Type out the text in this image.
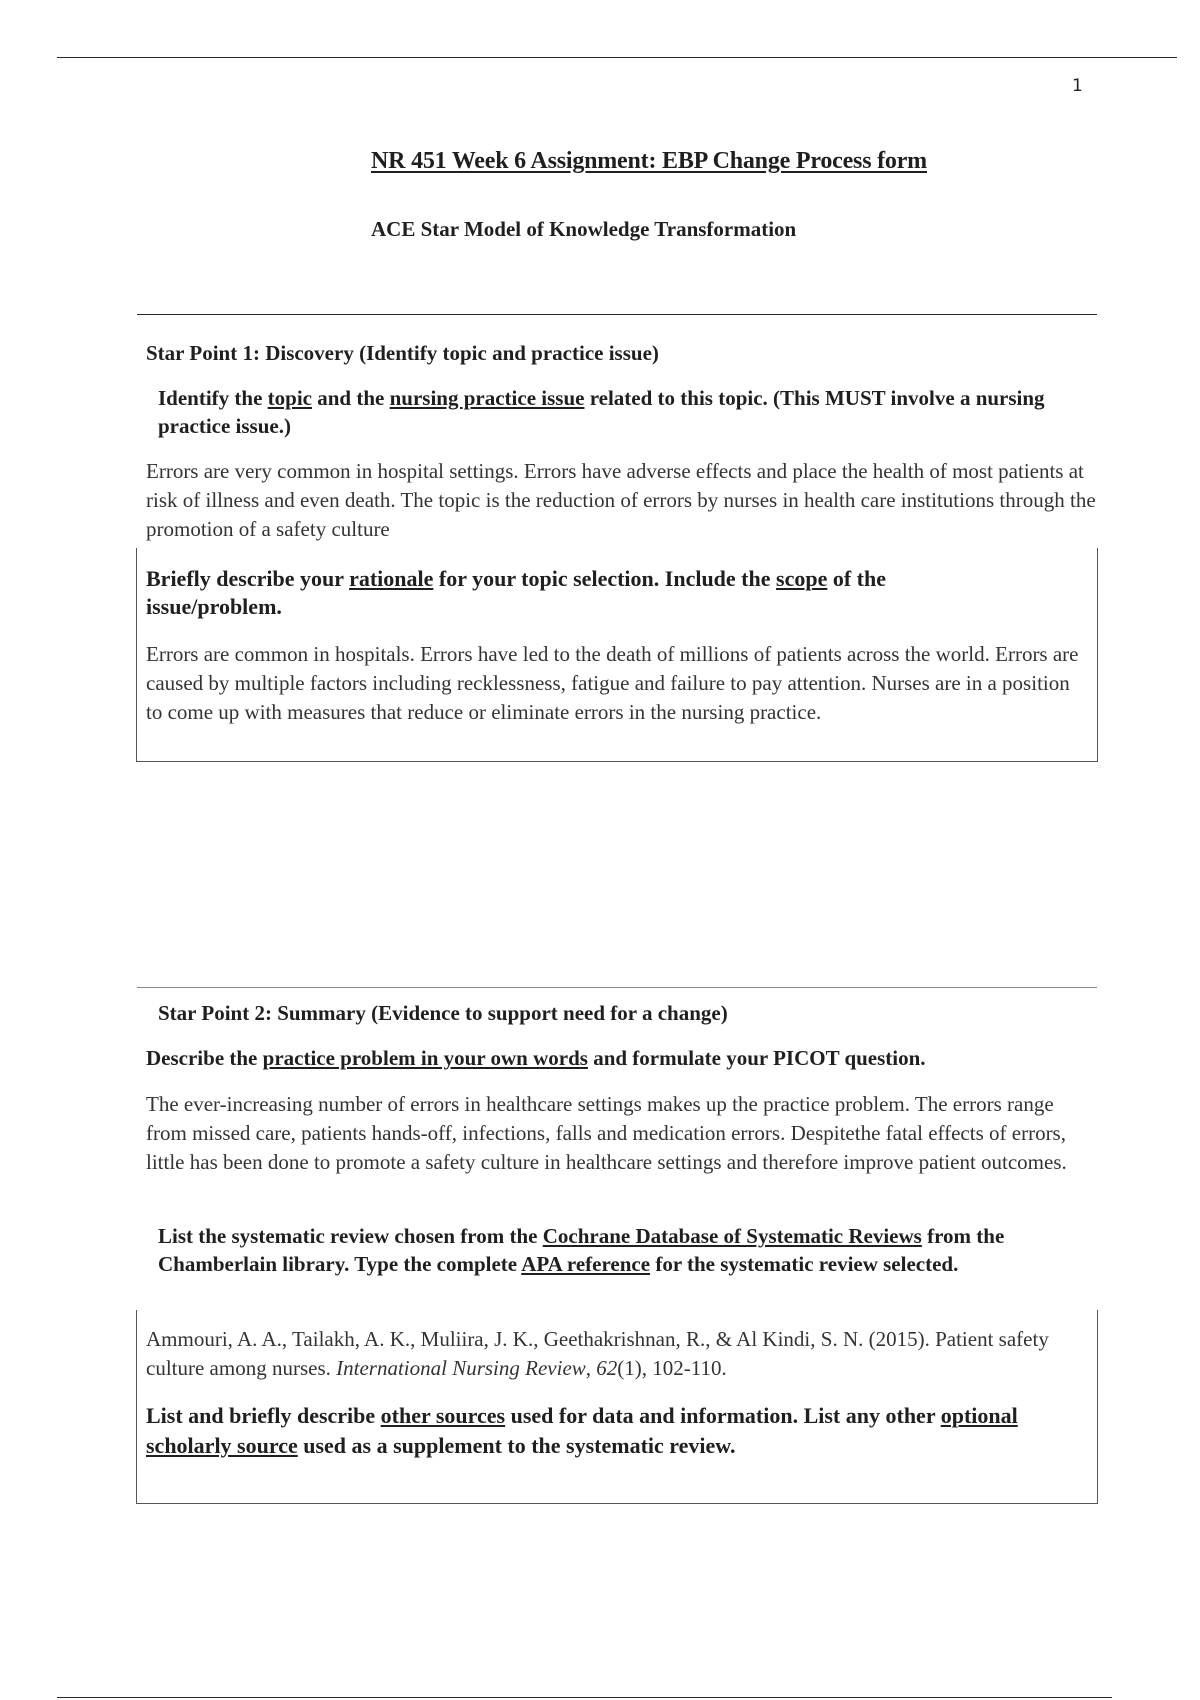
1
NR 451 Week 6 Assignment: EBP Change Process form
ACE Star Model of Knowledge Transformation
Star Point 1: Discovery (Identify topic and practice issue)
Identify the topic and the nursing practice issue related to this topic. (This MUST involve a nursing practice issue.)
Errors are very common in hospital settings. Errors have adverse effects and place the health of most patients at risk of illness and even death. The topic is the reduction of errors by nurses in health care institutions through the promotion of a safety culture
Briefly describe your rationale for your topic selection. Include the scope of the issue/problem.
Errors are common in hospitals. Errors have led to the death of millions of patients across the world. Errors are caused by multiple factors including recklessness, fatigue and failure to pay attention. Nurses are in a position to come up with measures that reduce or eliminate errors in the nursing practice.
Star Point 2: Summary (Evidence to support need for a change)
Describe the practice problem in your own words and formulate your PICOT question.
The ever-increasing number of errors in healthcare settings makes up the practice problem. The errors range from missed care, patients hands-off, infections, falls and medication errors. Despitethe fatal effects of errors, little has been done to promote a safety culture in healthcare settings and therefore improve patient outcomes.
List the systematic review chosen from the Cochrane Database of Systematic Reviews from the Chamberlain library. Type the complete APA reference for the systematic review selected.
Ammouri, A. A., Tailakh, A. K., Muliira, J. K., Geethakrishnan, R., & Al Kindi, S. N. (2015). Patient safety culture among nurses. International Nursing Review, 62(1), 102-110.
List and briefly describe other sources used for data and information. List any other optional scholarly source used as a supplement to the systematic review.
